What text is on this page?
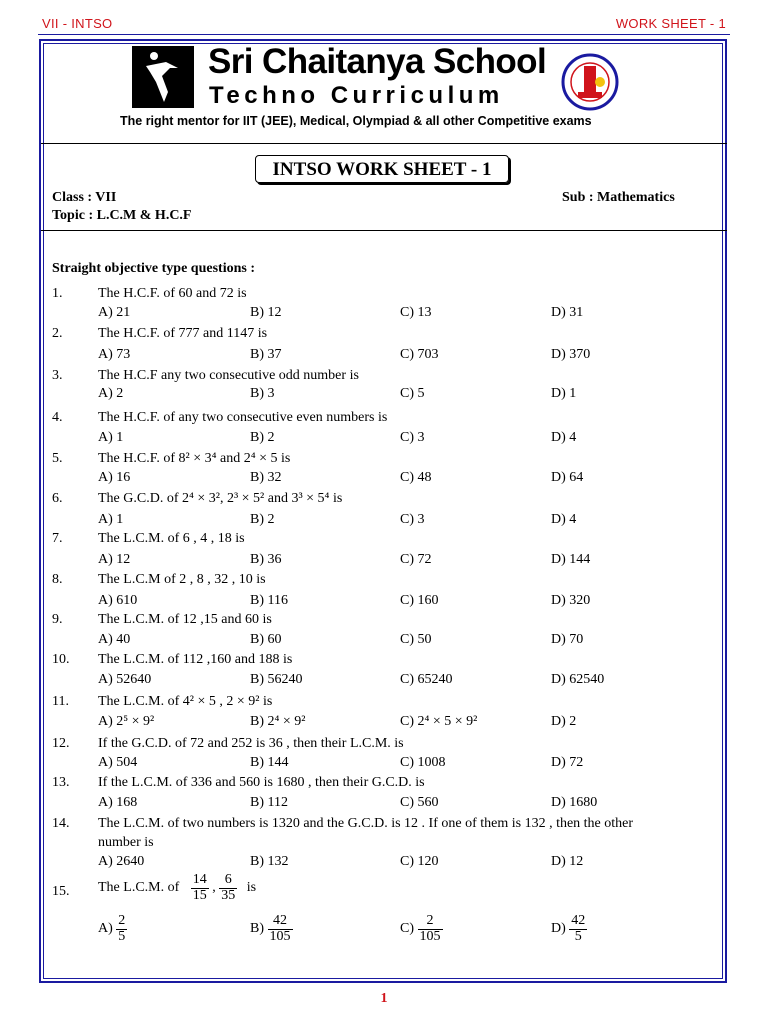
VII - INTSO	WORK SHEET - 1
Sri Chaitanya School
Techno Curriculum
The right mentor for IIT (JEE), Medical, Olympiad & all other Competitive exams
INTSO WORK SHEET - 1
Class : VII	Sub : Mathematics
Topic : L.C.M & H.C.F
Straight objective type questions :
1.	The H.C.F. of 60 and 72 is
A) 21	B) 12	C) 13	D) 31
2.	The H.C.F. of 777 and 1147 is
A) 73	B) 37	C) 703	D) 370
3.	The H.C.F any two consecutive odd number is
A) 2	B) 3	C) 5	D) 1
4.	The H.C.F. of any two consecutive even numbers is
A) 1	B) 2	C) 3	D) 4
5.	The H.C.F. of 8² × 3⁴ and 2⁴ × 5 is
A) 16	B) 32	C) 48	D) 64
6.	The G.C.D. of 2⁴ × 3², 2³ × 5² and 3³ × 5⁴ is
A) 1	B) 2	C) 3	D) 4
7.	The L.C.M. of 6 , 4 , 18 is
A) 12	B) 36	C) 72	D) 144
8.	The L.C.M of 2 , 8 , 32 , 10 is
A) 610	B) 116	C) 160	D) 320
9.	The L.C.M. of 12 ,15 and 60 is
A) 40	B) 60	C) 50	D) 70
10. The L.C.M. of 112 ,160 and 188 is
A) 52640	B) 56240	C) 65240	D) 62540
11. The L.C.M. of 4² × 5 , 2 × 9² is
A) 2⁵ × 9²	B) 2⁴ × 9²	C) 2⁴ × 5 × 9²	D) 2
12. If the G.C.D. of 72 and 252 is 36 , then their L.C.M. is
A) 504	B) 144	C) 1008	D) 72
13. If the L.C.M. of 336 and 560 is 1680 , then their G.C.D. is
A) 168	B) 112	C) 560	D) 1680
14. The L.C.M. of two numbers is 1320 and the G.C.D. is 12 . If one of them is 132 , then the other
number is
A) 2640	B) 132	C) 120	D) 12
15. The L.C.M. of $\frac{14}{15}$ , $\frac{6}{35}$ is
$A) \frac{2}{5}$	$B) \frac{42}{105}$	$C) \frac{2}{105}$	$D) \frac{42}{5}$
1
